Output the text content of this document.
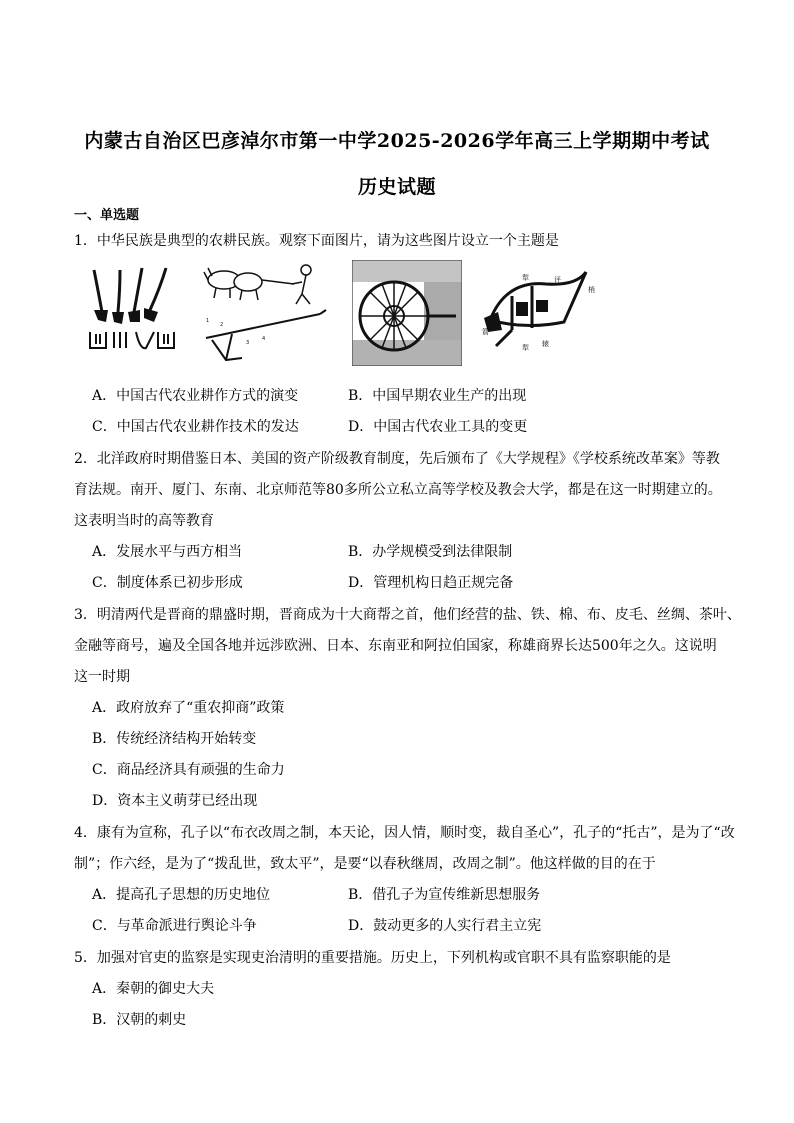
内蒙古自治区巴彦淖尔市第一中学2025-2026学年高三上学期期中考试
历史试题
一、单选题
1．中华民族是典型的农耕民族。观察下面图片，请为这些图片设立一个主题是
1
2
3
4
犁	评
梢
箭
犁 辕
A．中国古代农业耕作方式的演变	B．中国早期农业生产的出现
C．中国古代农业耕作技术的发达	D．中国古代农业工具的变更
2．北洋政府时期借鉴日本、美国的资产阶级教育制度，先后颁布了《大学规程》《学校系统改革案》等教
育法规。南开、厦门、东南、北京师范等80多所公立私立高等学校及教会大学，都是在这一时期建立的。
这表明当时的高等教育
A．发展水平与西方相当	B．办学规模受到法律限制
C．制度体系已初步形成	D．管理机构日趋正规完备
3．明清两代是晋商的鼎盛时期，晋商成为十大商帮之首，他们经营的盐、铁、棉、布、皮毛、丝绸、茶叶、
金融等商号，遍及全国各地并远涉欧洲、日本、东南亚和阿拉伯国家，称雄商界长达500年之久。这说明
这一时期
A．政府放弃了“重农抑商”政策
B．传统经济结构开始转变
C．商品经济具有顽强的生命力
D．资本主义萌芽已经出现
4．康有为宣称，孔子以“布衣改周之制，本天论，因人情，顺时变，裁自圣心”，孔子的“托古”，是为了“改
制”；作六经，是为了“拨乱世，致太平”，是要“以春秋继周，改周之制”。他这样做的目的在于
A．提高孔子思想的历史地位	B．借孔子为宣传维新思想服务
C．与革命派进行舆论斗争	D．鼓动更多的人实行君主立宪
5．加强对官吏的监察是实现吏治清明的重要措施。历史上，下列机构或官职不具有监察职能的是
A．秦朝的御史大夫
B．汉朝的刺史
